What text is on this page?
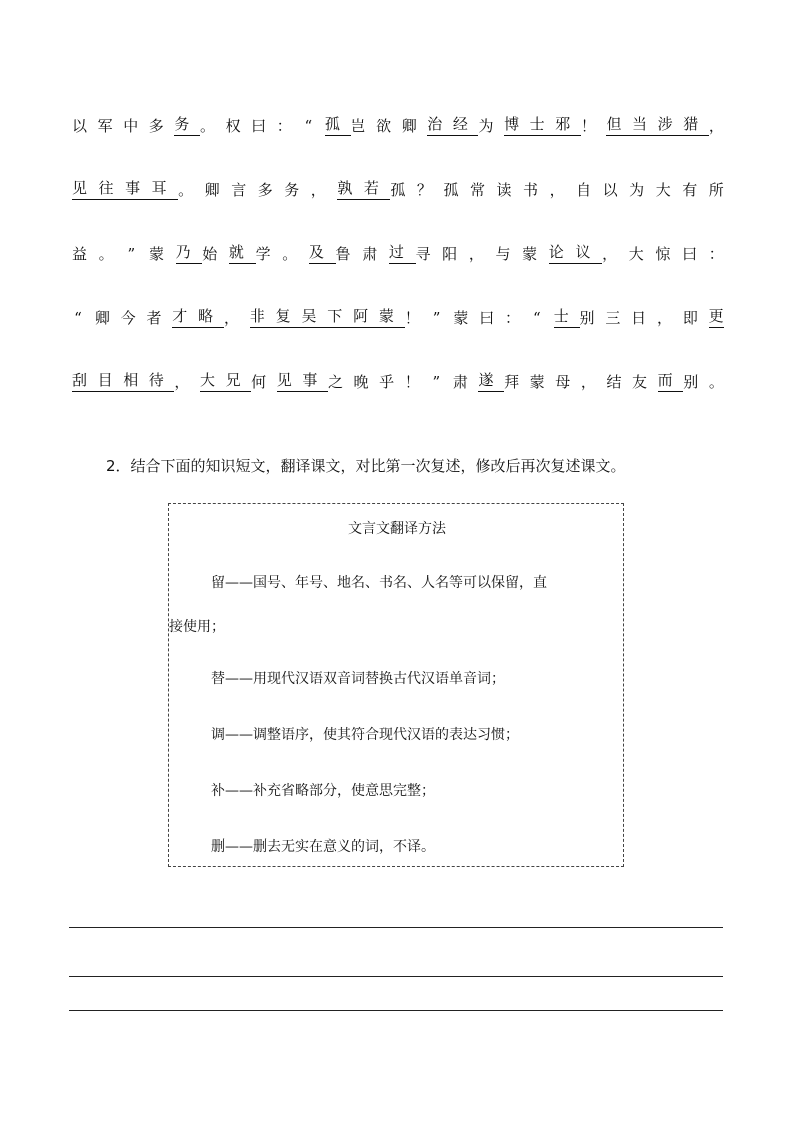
以 军 中 多 务 。 权 曰 ： “ 孤 岂 欲 卿 治 经 为 博 士 邪 ！ 但 当 涉 猎 ，
见 往 事 耳 。 卿 言 多 务 ， 孰 若 孤 ？ 孤 常 读 书 ， 自 以 为 大 有 所
益 。 ” 蒙 乃 始 就 学 。 及 鲁 肃 过 寻 阳 ， 与 蒙 论 议 ， 大 惊 曰 ：
“ 卿 今 者 才 略 ， 非 复 吴 下 阿 蒙 ！ ” 蒙 曰 ： “ 士 别 三 日 ， 即 更
刮 目 相 待 ， 大 兄 何 见 事 之 晚 乎 ！ ” 肃 遂 拜 蒙 母 ， 结 友 而 别 。
2．结合下面的知识短文，翻译课文，对比第一次复述，修改后再次复述课文。
文言文翻译方法
留——国号、年号、地名、书名、人名等可以保留，直
接使用；
替——用现代汉语双音词替换古代汉语单音词；
调——调整语序，使其符合现代汉语的表达习惯；
补——补充省略部分，使意思完整；
删——删去无实在意义的词，不译。
